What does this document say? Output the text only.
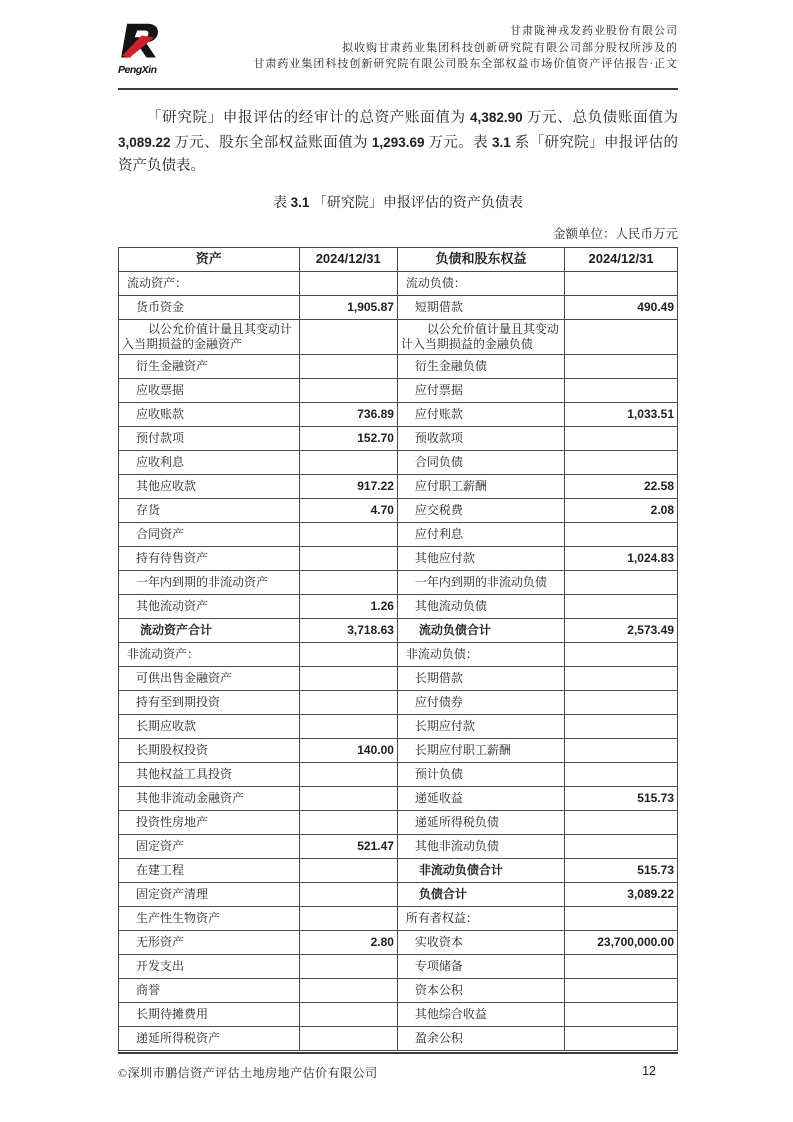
PengXin
甘肃陇神戎发药业股份有限公司
拟收购甘肃药业集团科技创新研究院有限公司部分股权所涉及的
甘肃药业集团科技创新研究院有限公司股东全部权益市场价值资产评估报告·正文

「研究院」申报评估的经审计的总资产账面值为 4,382.90 万元、总负债账面值为 3,089.22 万元、股东全部权益账面值为 1,293.69 万元。表 3.1 系「研究院」申报评估的资产负债表。

表 3.1 「研究院」申报评估的资产负债表
金额单位：人民币万元
资产	2024/12/31	负债和股东权益	2024/12/31
流动资产：		流动负债：	
货币资金	1,905.87	短期借款	490.49
以公允价值计量且其变动计入当期损益的金融资产		以公允价值计量且其变动计入当期损益的金融负债	
衍生金融资产		衍生金融负债	
应收票据		应付票据	
应收账款	736.89	应付账款	1,033.51
预付款项	152.70	预收款项	
应收利息		合同负债	
其他应收款	917.22	应付职工薪酬	22.58
存货	4.70	应交税费	2.08
合同资产		应付利息	
持有待售资产		其他应付款	1,024.83
一年内到期的非流动资产		一年内到期的非流动负债	
其他流动资产	1.26	其他流动负债	
流动资产合计	3,718.63	流动负债合计	2,573.49
非流动资产：		非流动负债：	
可供出售金融资产		长期借款	
持有至到期投资		应付债券	
长期应收款		长期应付款	
长期股权投资	140.00	长期应付职工薪酬	
其他权益工具投资		预计负债	
其他非流动金融资产		递延收益	515.73
投资性房地产		递延所得税负债	
固定资产	521.47	其他非流动负债	
在建工程		非流动负债合计	515.73
固定资产清理		负债合计	3,089.22
生产性生物资产		所有者权益：	
无形资产	2.80	实收资本	23,700,000.00
开发支出		专项储备	
商誉		资本公积	
长期待摊费用		其他综合收益	
递延所得税资产		盈余公积	
©深圳市鹏信资产评估土地房地产估价有限公司	12
